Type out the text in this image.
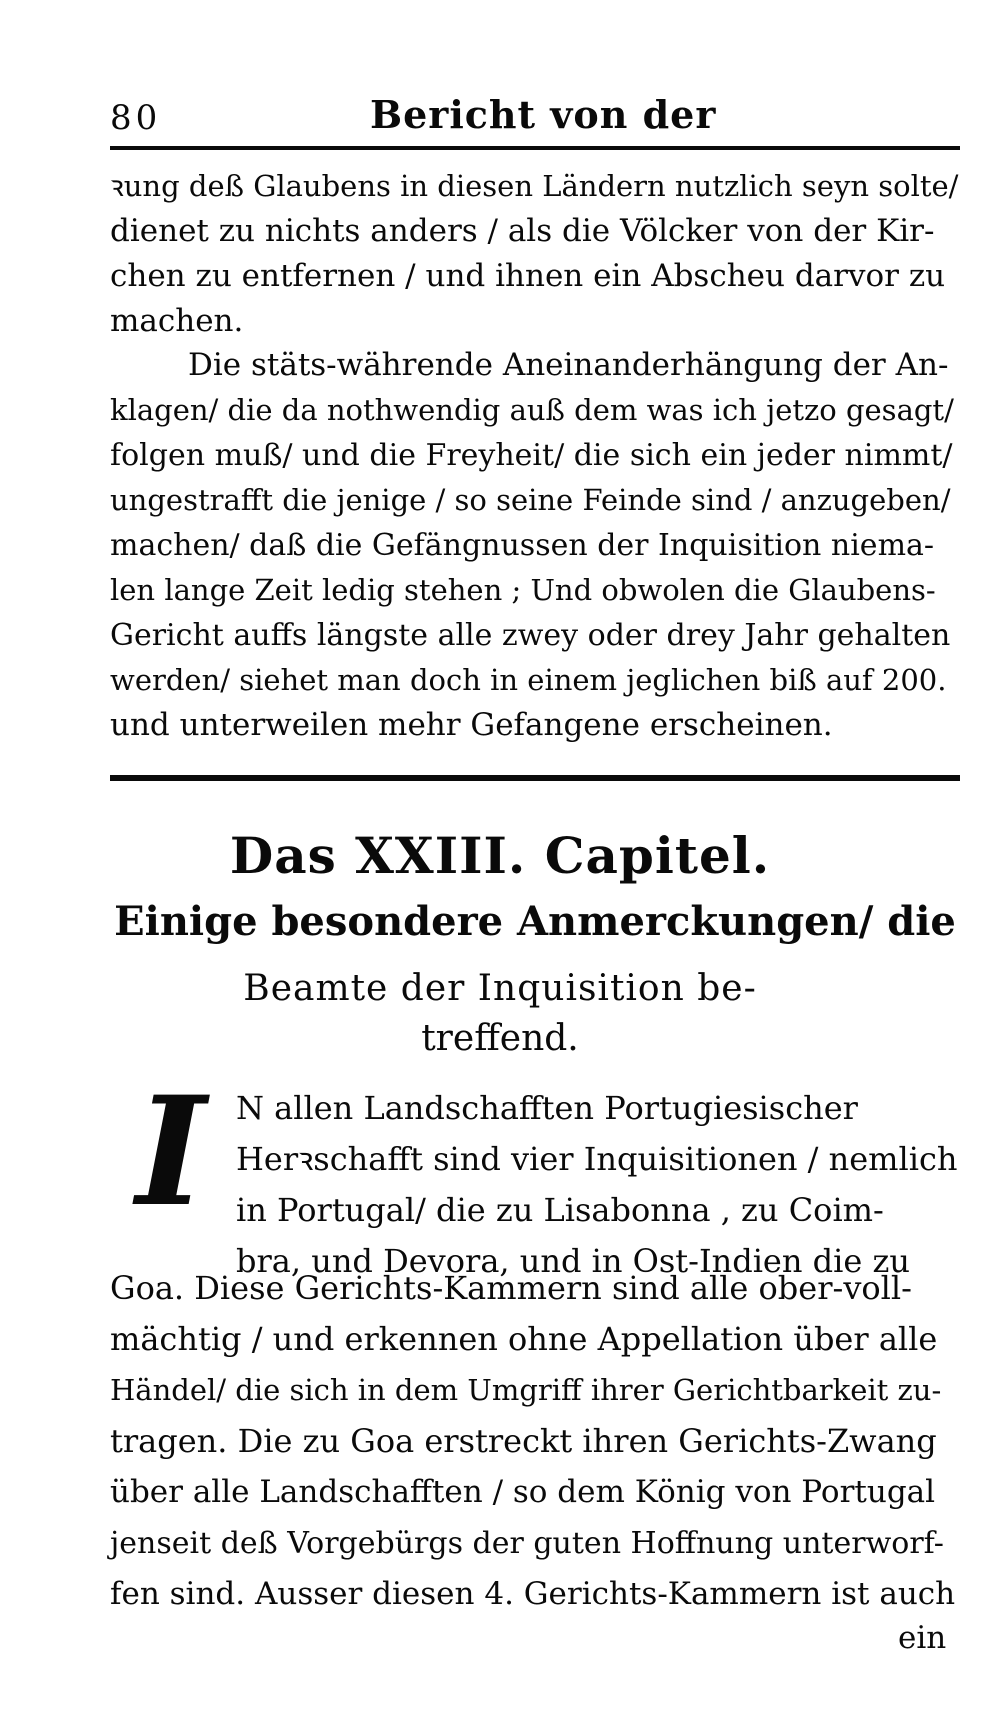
80	Bericht von der
ꝛung deß Glaubens in diesen Ländern nutzlich seyn solte/
dienet zu nichts anders / als die Völcker von der Kir-
chen zu entfernen / und ihnen ein Abscheu darvor zu
machen.
Die stäts-währende Aneinanderhängung der An-
klagen/ die da nothwendig auß dem was ich jetzo gesagt/
folgen muß/ und die Freyheit/ die sich ein jeder nimmt/
ungestrafft die jenige / so seine Feinde sind / anzugeben/
machen/ daß die Gefängnussen der Inquisition niema-
len lange Zeit ledig stehen ; Und obwolen die Glaubens-
Gericht auffs längste alle zwey oder drey Jahr gehalten
werden/ siehet man doch in einem jeglichen biß auf 200.
und unterweilen mehr Gefangene erscheinen.
Das XXIII. Capitel.
Einige besondere Anmerckungen/ die
Beamte der Inquisition be-
treffend.
I N allen Landschafften Portugiesischer
Herꝛschafft sind vier Inquisitionen / nemlich
in Portugal/ die zu Lisabonna , zu Coim-
bra, und Devora, und in Ost-Indien die zu
Goa. Diese Gerichts-Kammern sind alle ober-voll-
mächtig / und erkennen ohne Appellation über alle
Händel/ die sich in dem Umgriff ihrer Gerichtbarkeit zu-
tragen. Die zu Goa erstreckt ihren Gerichts-Zwang
über alle Landschafften / so dem König von Portugal
jenseit deß Vorgebürgs der guten Hoffnung unterworf-
fen sind. Ausser diesen 4. Gerichts-Kammern ist auch
ein
